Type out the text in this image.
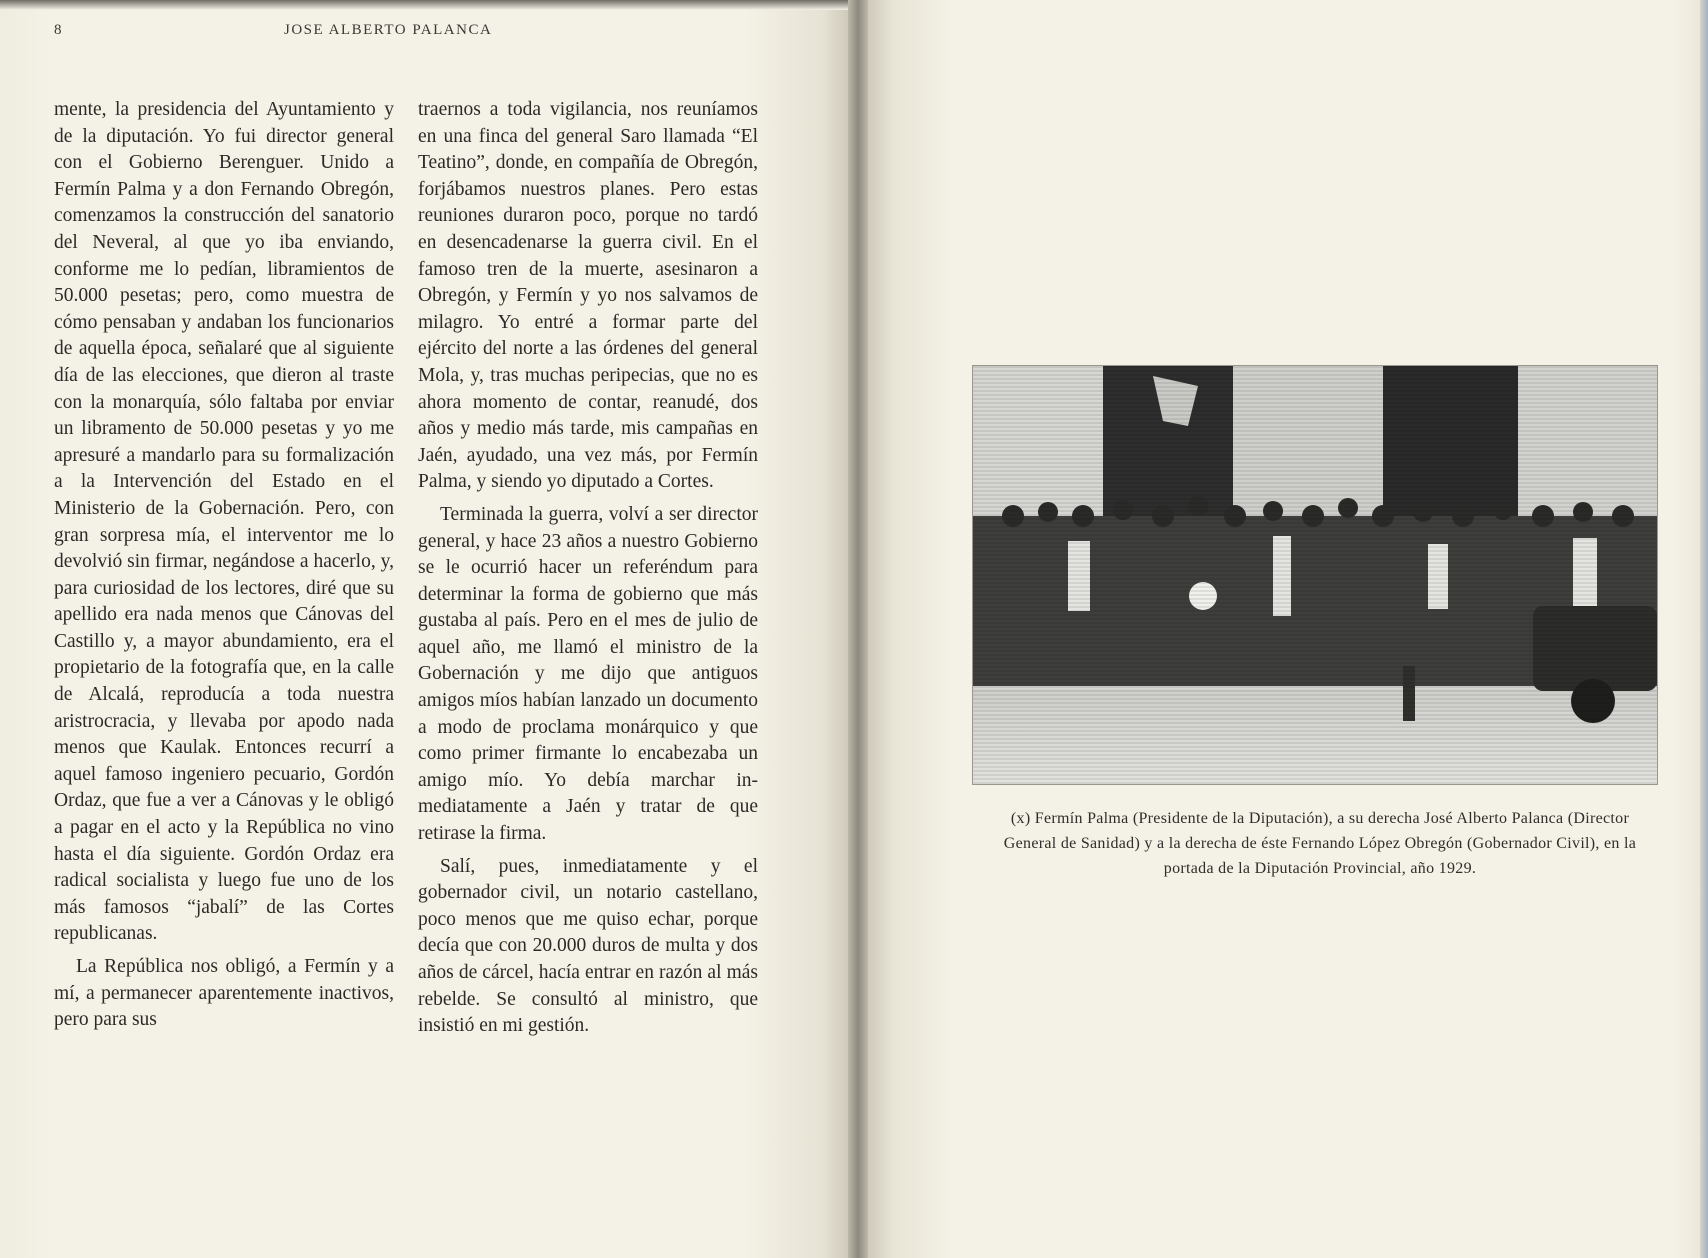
8	JOSE ALBERTO PALANCA

mente, la presidencia del Ayuntamiento y de la diputación. Yo fui director general con el Gobierno Berenguer. Unido a Fermín Palma y a don Fernando Obregón, comenzamos la construcción del sanatorio del Neveral, al que yo iba enviando, conforme me lo pedían, libramientos de 50.000 pesetas; pero, como muestra de cómo pensaban y andaban los funcionarios de aquella época, señalaré que al siguiente día de las elecciones, que dieron al traste con la monarquía, sólo faltaba por enviar un libramento de 50.000 pesetas y yo me apresuré a mandarlo para su formalización a la Intervención del Estado en el Ministerio de la Gobernación. Pero, con gran sorpresa mía, el interventor me lo devolvió sin firmar, negándose a hacerlo, y, para curiosidad de los lectores, diré que su apellido era nada menos que Cánovas del Castillo y, a mayor abundamiento, era el propietario de la fotografía que, en la calle de Alcalá, reproducía a toda nuestra aristrocracia, y llevaba por apodo nada menos que Kaulak. Entonces recurrí a aquel famoso ingeniero pecuario, Gordón Ordaz, que fue a ver a Cánovas y le obligó a pagar en el acto y la República no vino hasta el día siguiente. Gordón Ordaz era radical socialista y luego fue uno de los más famosos “jabalí” de las Cortes republicanas.

La República nos obligó, a Fermín y a mí, a permanecer aparentemente inactivos, pero para sus

traernos a toda vigilancia, nos reuníamos en una finca del general Saro llamada “El Teatino”, donde, en compañía de Obregón, forjábamos nuestros planes. Pero estas reuniones duraron poco, porque no tardó en desencadenarse la guerra civil. En el famoso tren de la muerte, asesinaron a Obregón, y Fermín y yo nos salvamos de milagro. Yo entré a formar parte del ejército del norte a las órdenes del general Mola, y, tras muchas peripecias, que no es ahora momento de contar, reanudé, dos años y medio más tarde, mis campañas en Jaén, ayudado, una vez más, por Fermín Palma, y siendo yo diputado a Cortes.

Terminada la guerra, volví a ser director general, y hace 23 años a nuestro Gobierno se le ocurrió hacer un referéndum para determinar la forma de gobierno que más gustaba al país. Pero en el mes de julio de aquel año, me llamó el ministro de la Gobernación y me dijo que antiguos amigos míos habían lanzado un documento a modo de proclama monárquico y que como primer firmante lo encabezaba un amigo mío. Yo debía marchar inmediatamente a Jaén y tratar de que retirase la firma.

Salí, pues, inmediatamente y el gobernador civil, un notario castellano, poco menos que me quiso echar, porque decía que con 20.000 duros de multa y dos años de cárcel, hacía entrar en razón al más rebelde. Se consultó al ministro, que insistió en mi gestión.

(x) Fermín Palma (Presidente de la Diputación), a su derecha José Alberto Palanca (Director General de Sanidad) y a la derecha de éste Fernando López Obregón (Gobernador Civil), en la portada de la Diputación Provincial, año 1929.
